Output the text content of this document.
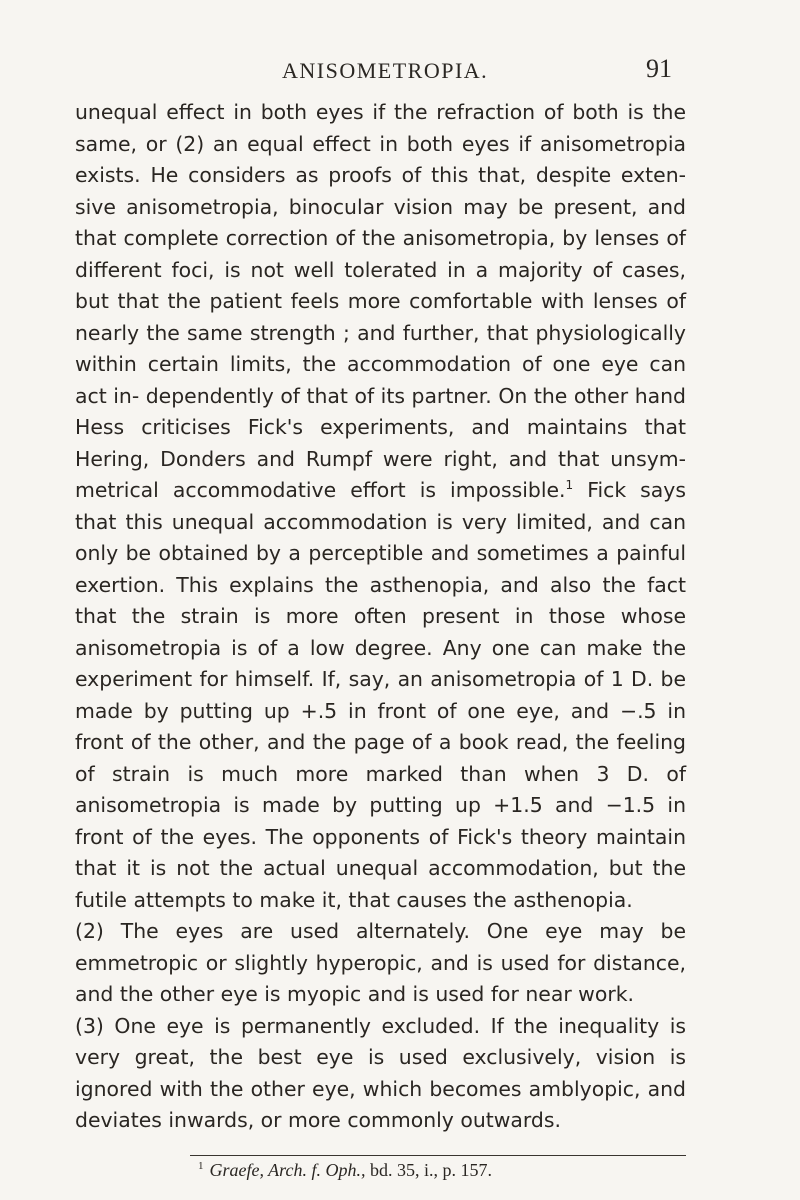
ANISOMETROPIA.	91

unequal effect in both eyes if the refraction of both is the same, or (2) an equal effect in both eyes if anisometropia exists. He considers as proofs of this that, despite exten- sive anisometropia, binocular vision may be present, and that complete correction of the anisometropia, by lenses of different foci, is not well tolerated in a majority of cases, but that the patient feels more comfortable with lenses of nearly the same strength ; and further, that physiologically within certain limits, the accommodation of one eye can act in- dependently of that of its partner. On the other hand Hess criticises Fick's experiments, and maintains that Hering, Donders and Rumpf were right, and that unsym- metrical accommodative effort is impossible.$^1$ Fick says that this unequal accommodation is very limited, and can only be obtained by a perceptible and sometimes a painful exertion. This explains the asthenopia, and also the fact that the strain is more often present in those whose anisometropia is of a low degree. Any one can make the experiment for himself. If, say, an anisometropia of 1 D. be made by putting up +.5 in front of one eye, and −.5 in front of the other, and the page of a book read, the feeling of strain is much more marked than when 3 D. of anisometropia is made by putting up +1.5 and −1.5 in front of the eyes. The opponents of Fick's theory maintain that it is not the actual unequal accommodation, but the futile attempts to make it, that causes the asthenopia.

(2) The eyes are used alternately. One eye may be emmetropic or slightly hyperopic, and is used for distance, and the other eye is myopic and is used for near work.

(3) One eye is permanently excluded. If the inequality is very great, the best eye is used exclusively, vision is ignored with the other eye, which becomes amblyopic, and deviates inwards, or more commonly outwards.

$^1$ Graefe, Arch. f. Oph., bd. 35, i., p. 157.
